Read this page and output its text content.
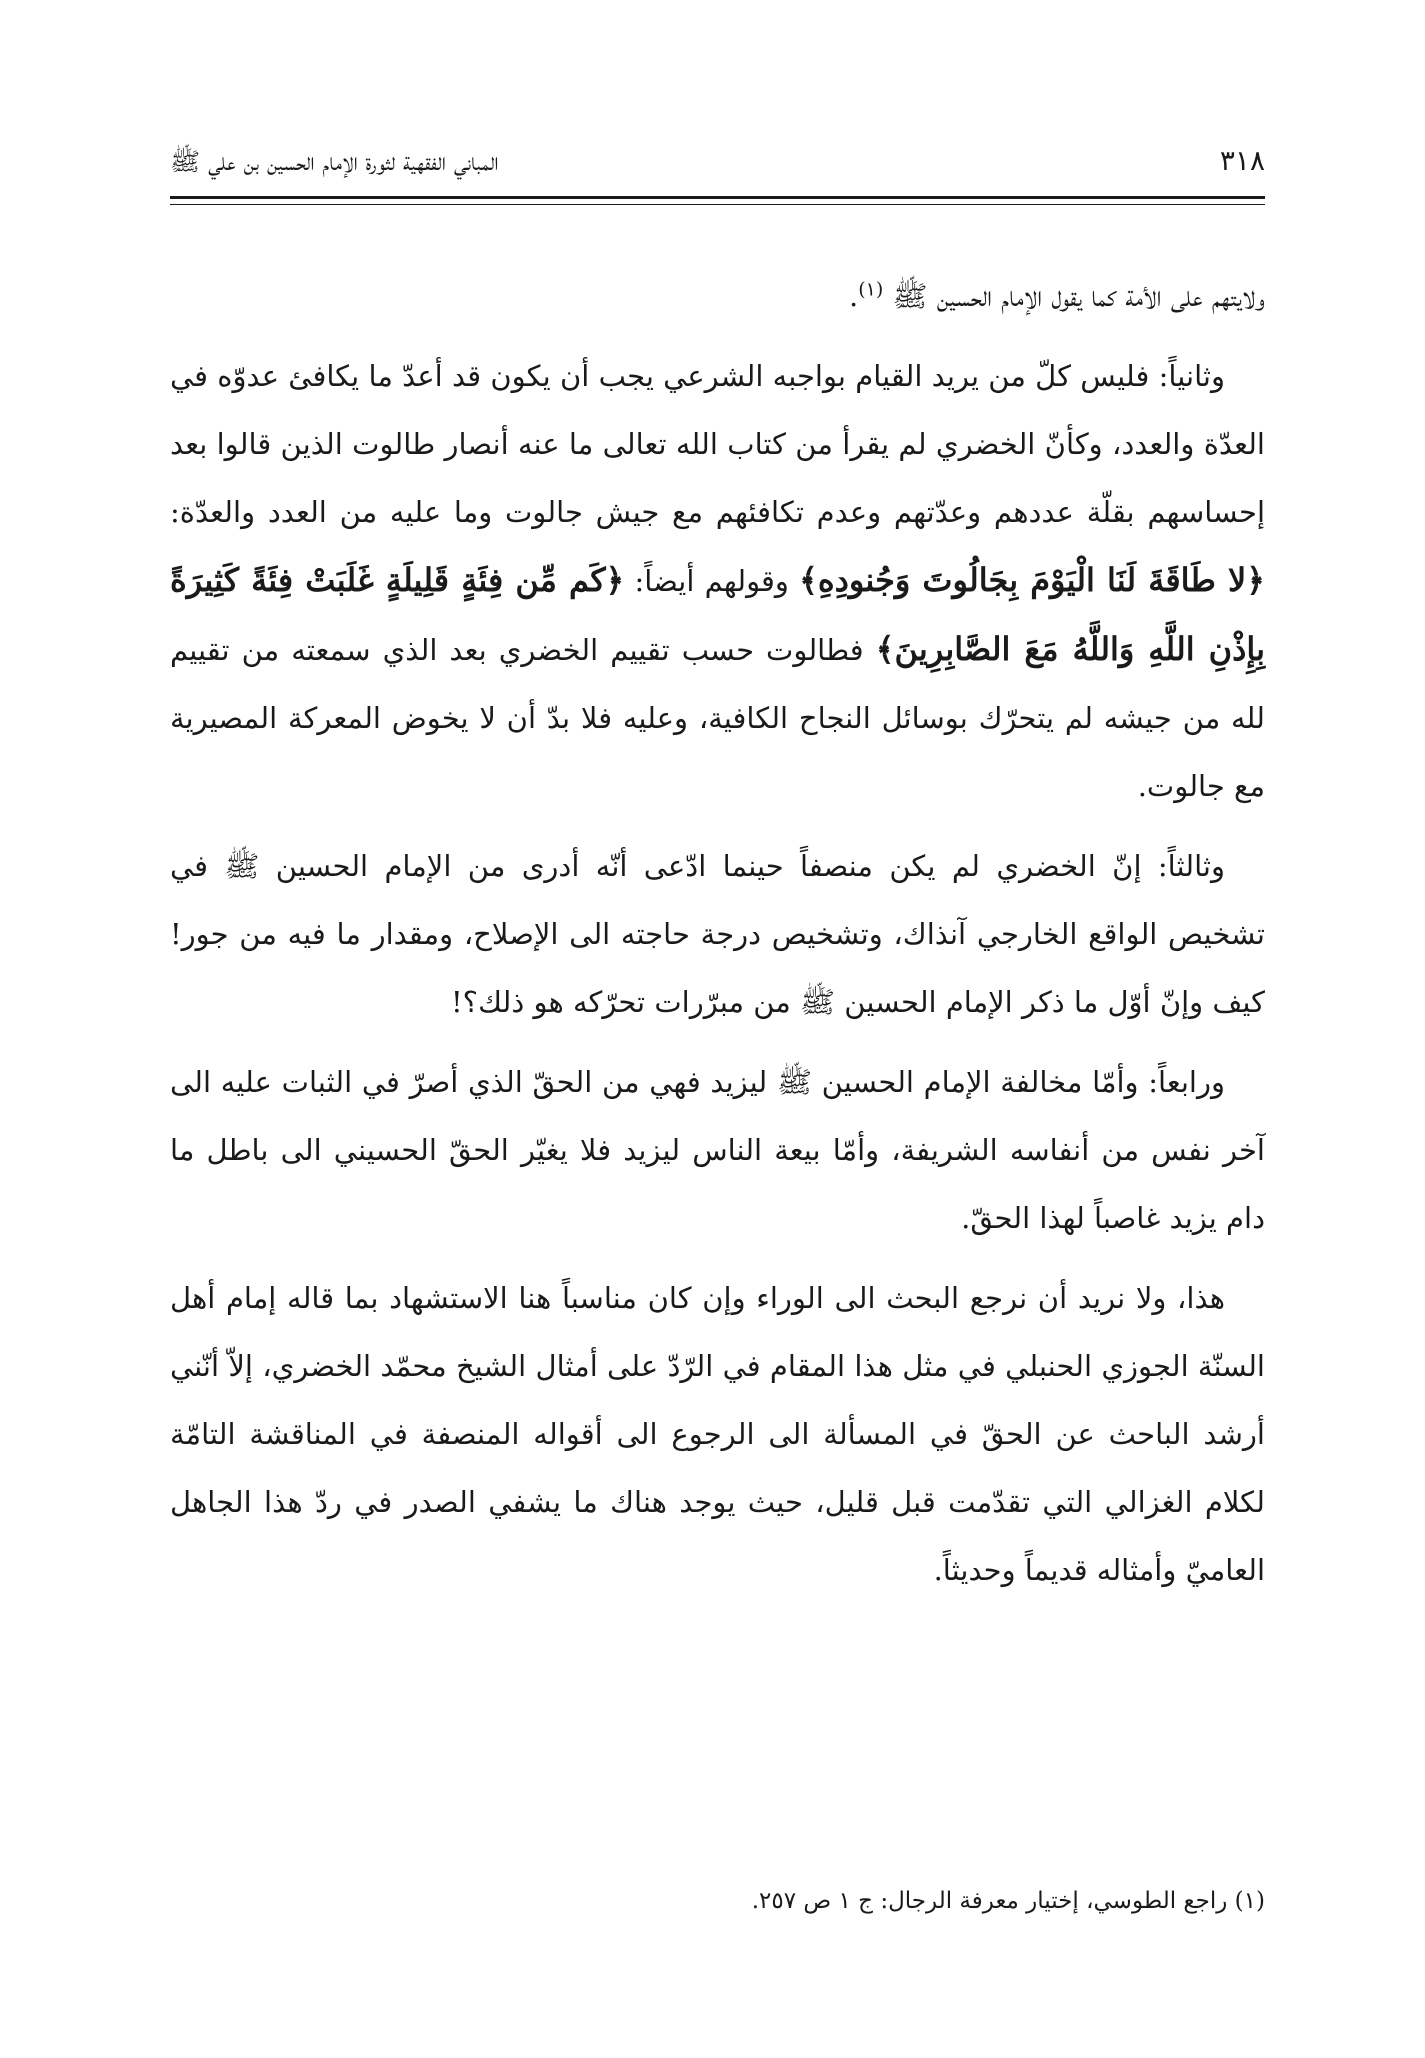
٣١٨
المباني الفقهية لثورة الإمام الحسين بن علي ﷺ

ولايتهم على الأمة كما يقول الإمام الحسين ﷺ $^{(١)}$.

وثانياً: فليس كلّ من يريد القيام بواجبه الشرعي يجب أن يكون قد أعدّ ما يكافئ عدوّه في العدّة والعدد، وكأنّ الخضري لم يقرأ من كتاب الله تعالى ما عنه أنصار طالوت الذين قالوا بعد إحساسهم بقلّة عددهم وعدّتهم وعدم تكافئهم مع جيش جالوت وما عليه من العدد والعدّة: ﴿لا طَاقَةَ لَنَا الْيَوْمَ بِجَالُوتَ وَجُنودِهِ﴾ وقولهم أيضاً: ﴿كَم مِّن فِئَةٍ قَلِيلَةٍ غَلَبَتْ فِئَةً كَثِيرَةً بِإِذْنِ اللَّهِ وَاللَّهُ مَعَ الصَّابِرِينَ﴾ فطالوت حسب تقييم الخضري بعد الذي سمعته من تقييم لله من جيشه لم يتحرّك بوسائل النجاح الكافية، وعليه فلا بدّ أن لا يخوض المعركة المصيرية مع جالوت.

وثالثاً: إنّ الخضري لم يكن منصفاً حينما ادّعى أنّه أدرى من الإمام الحسين ﷺ في تشخيص الواقع الخارجي آنذاك، وتشخيص درجة حاجته الى الإصلاح، ومقدار ما فيه من جور! كيف وإنّ أوّل ما ذكر الإمام الحسين ﷺ من مبرّرات تحرّكه هو ذلك؟!

ورابعاً: وأمّا مخالفة الإمام الحسين ﷺ ليزيد فهي من الحقّ الذي أصرّ في الثبات عليه الى آخر نفس من أنفاسه الشريفة، وأمّا بيعة الناس ليزيد فلا يغيّر الحقّ الحسيني الى باطل ما دام يزيد غاصباً لهذا الحقّ.

هذا، ولا نريد أن نرجع البحث الى الوراء وإن كان مناسباً هنا الاستشهاد بما قاله إمام أهل السنّة الجوزي الحنبلي في مثل هذا المقام في الرّدّ على أمثال الشيخ محمّد الخضري، إلاّ أنّني أرشد الباحث عن الحقّ في المسألة الى الرجوع الى أقواله المنصفة في المناقشة التامّة لكلام الغزالي التي تقدّمت قبل قليل، حيث يوجد هناك ما يشفي الصدر في ردّ هذا الجاهل العاميّ وأمثاله قديماً وحديثاً.

(١) راجع الطوسي، إختيار معرفة الرجال: ج ١ ص ٢٥٧.
